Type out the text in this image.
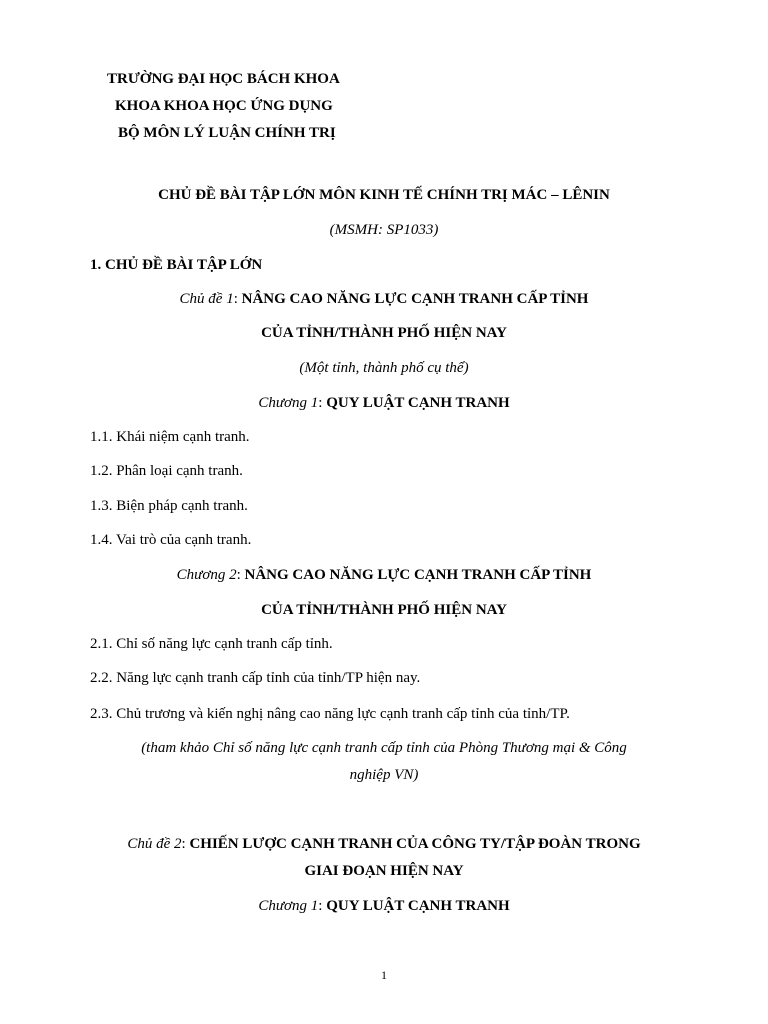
TRƯỜNG ĐẠI HỌC BÁCH KHOA
KHOA KHOA HỌC ỨNG DỤNG
BỘ MÔN LÝ LUẬN CHÍNH TRỊ
CHỦ ĐỀ BÀI TẬP LỚN MÔN KINH TẾ CHÍNH TRỊ MÁC – LÊNIN
(MSMH: SP1033)
1. CHỦ ĐỀ BÀI TẬP LỚN
Chủ đề 1: NÂNG CAO NĂNG LỰC CẠNH TRANH CẤP TỈNH
CỦA TỈNH/THÀNH PHỐ HIỆN NAY
(Một tỉnh, thành phố cụ thể)
Chương 1: QUY LUẬT CẠNH TRANH
1.1. Khái niệm cạnh tranh.
1.2. Phân loại cạnh tranh.
1.3. Biện pháp cạnh tranh.
1.4. Vai trò của cạnh tranh.
Chương 2: NÂNG CAO NĂNG LỰC CẠNH TRANH CẤP TỈNH
CỦA TỈNH/THÀNH PHỐ HIỆN NAY
2.1. Chỉ số năng lực cạnh tranh cấp tỉnh.
2.2. Năng lực cạnh tranh cấp tỉnh của tỉnh/TP hiện nay.
2.3. Chủ trương và kiến nghị nâng cao năng lực cạnh tranh cấp tỉnh của tỉnh/TP.
(tham khảo Chỉ số năng lực cạnh tranh cấp tỉnh của Phòng Thương mại & Công
nghiệp VN)
Chủ đề 2: CHIẾN LƯỢC CẠNH TRANH CỦA CÔNG TY/TẬP ĐOÀN TRONG
GIAI ĐOẠN HIỆN NAY
Chương 1: QUY LUẬT CẠNH TRANH
1
